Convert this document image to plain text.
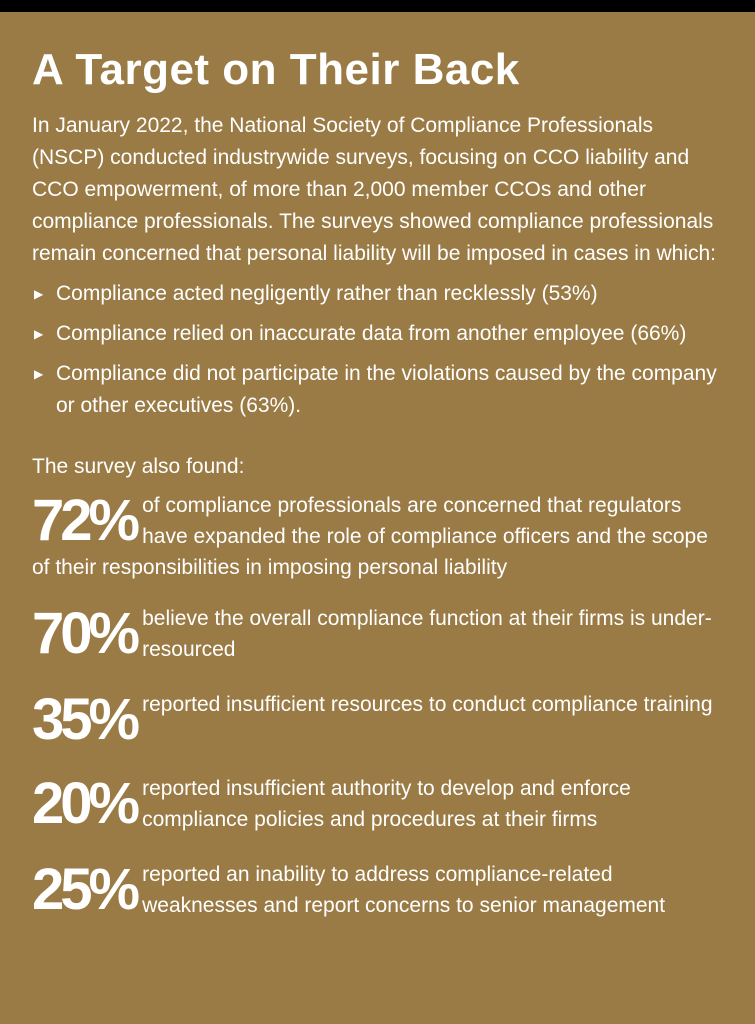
A Target on Their Back

In January 2022, the National Society of Compliance Professionals (NSCP) conducted industrywide surveys, focusing on CCO liability and CCO empowerment, of more than 2,000 member CCOs and other compliance professionals. The surveys showed compliance professionals remain concerned that personal liability will be imposed in cases in which:

▶ Compliance acted negligently rather than recklessly (53%)
▶ Compliance relied on inaccurate data from another employee (66%)
▶ Compliance did not participate in the violations caused by the company or other executives (63%).

The survey also found:

72% of compliance professionals are concerned that regulators have expanded the role of compliance officers and the scope of their responsibilities in imposing personal liability
70% believe the overall compliance function at their firms is under-resourced
35% reported insufficient resources to conduct compliance training
20% reported insufficient authority to develop and enforce compliance policies and procedures at their firms
25% reported an inability to address compliance-related weaknesses and report concerns to senior management
